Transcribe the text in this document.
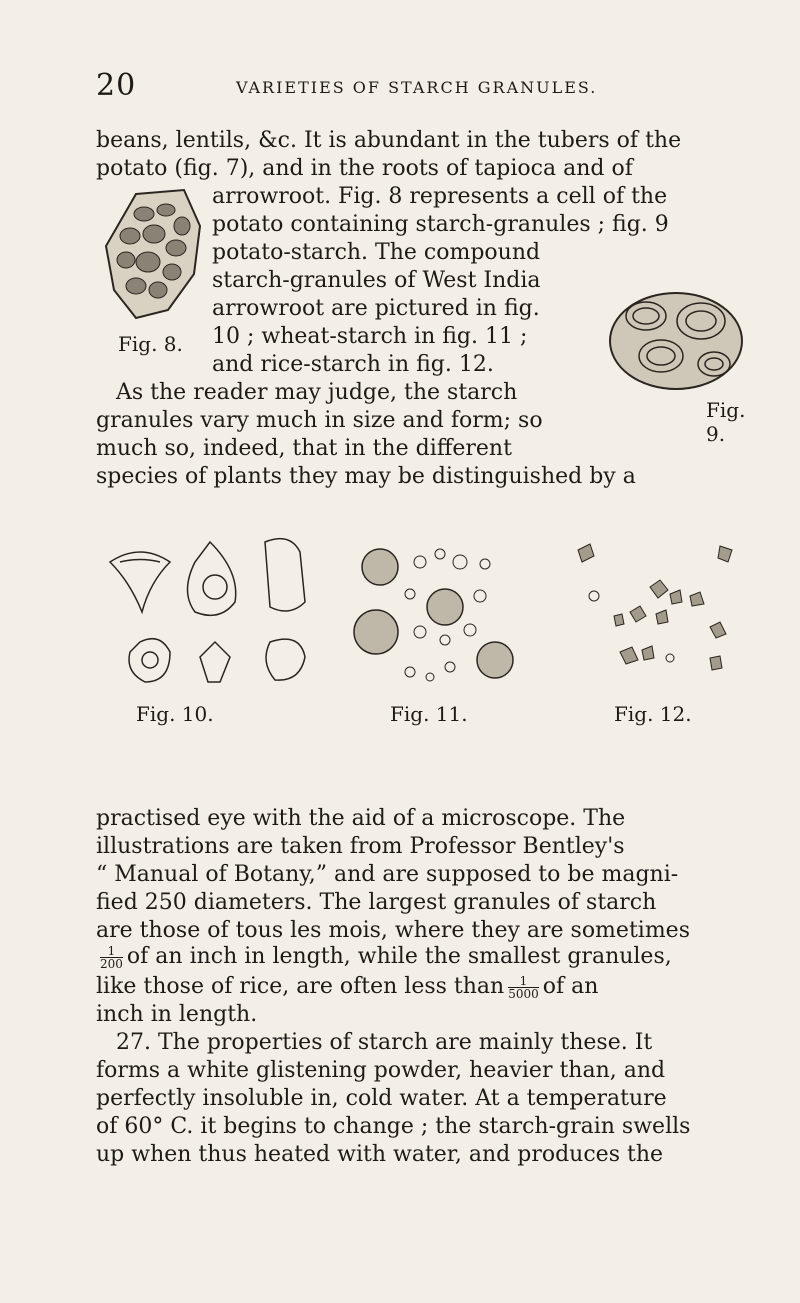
20	VARIETIES OF STARCH GRANULES.
beans, lentils, &c. It is abundant in the tubers of the
potato (fig. 7), and in the roots of tapioca and of
arrowroot. Fig. 8 represents a cell of the
potato containing starch-granules ; fig. 9
potato-starch. The compound
starch-granules of West India
arrowroot are pictured in fig.
10 ; wheat-starch in fig. 11 ;
and rice-starch in fig. 12.
As the reader may judge, the starch
granules vary much in size and form; so
much so, indeed, that in the different
species of plants they may be distinguished by a
Fig. 8.
Fig. 9.
Fig. 10.	Fig. 11.	Fig. 12.
practised eye with the aid of a microscope. The
illustrations are taken from Professor Bentley's
“ Manual of Botany,” and are supposed to be magni-
fied 250 diameters. The largest granules of starch
are those of tous les mois, where they are sometimes
$\frac{1}{200}$ of an inch in length, while the smallest granules,
like those of rice, are often less than $\frac{1}{5000}$ of an
inch in length.
27. The properties of starch are mainly these. It
forms a white glistening powder, heavier than, and
perfectly insoluble in, cold water. At a temperature
of 60° C. it begins to change ; the starch-grain swells
up when thus heated with water, and produces the
